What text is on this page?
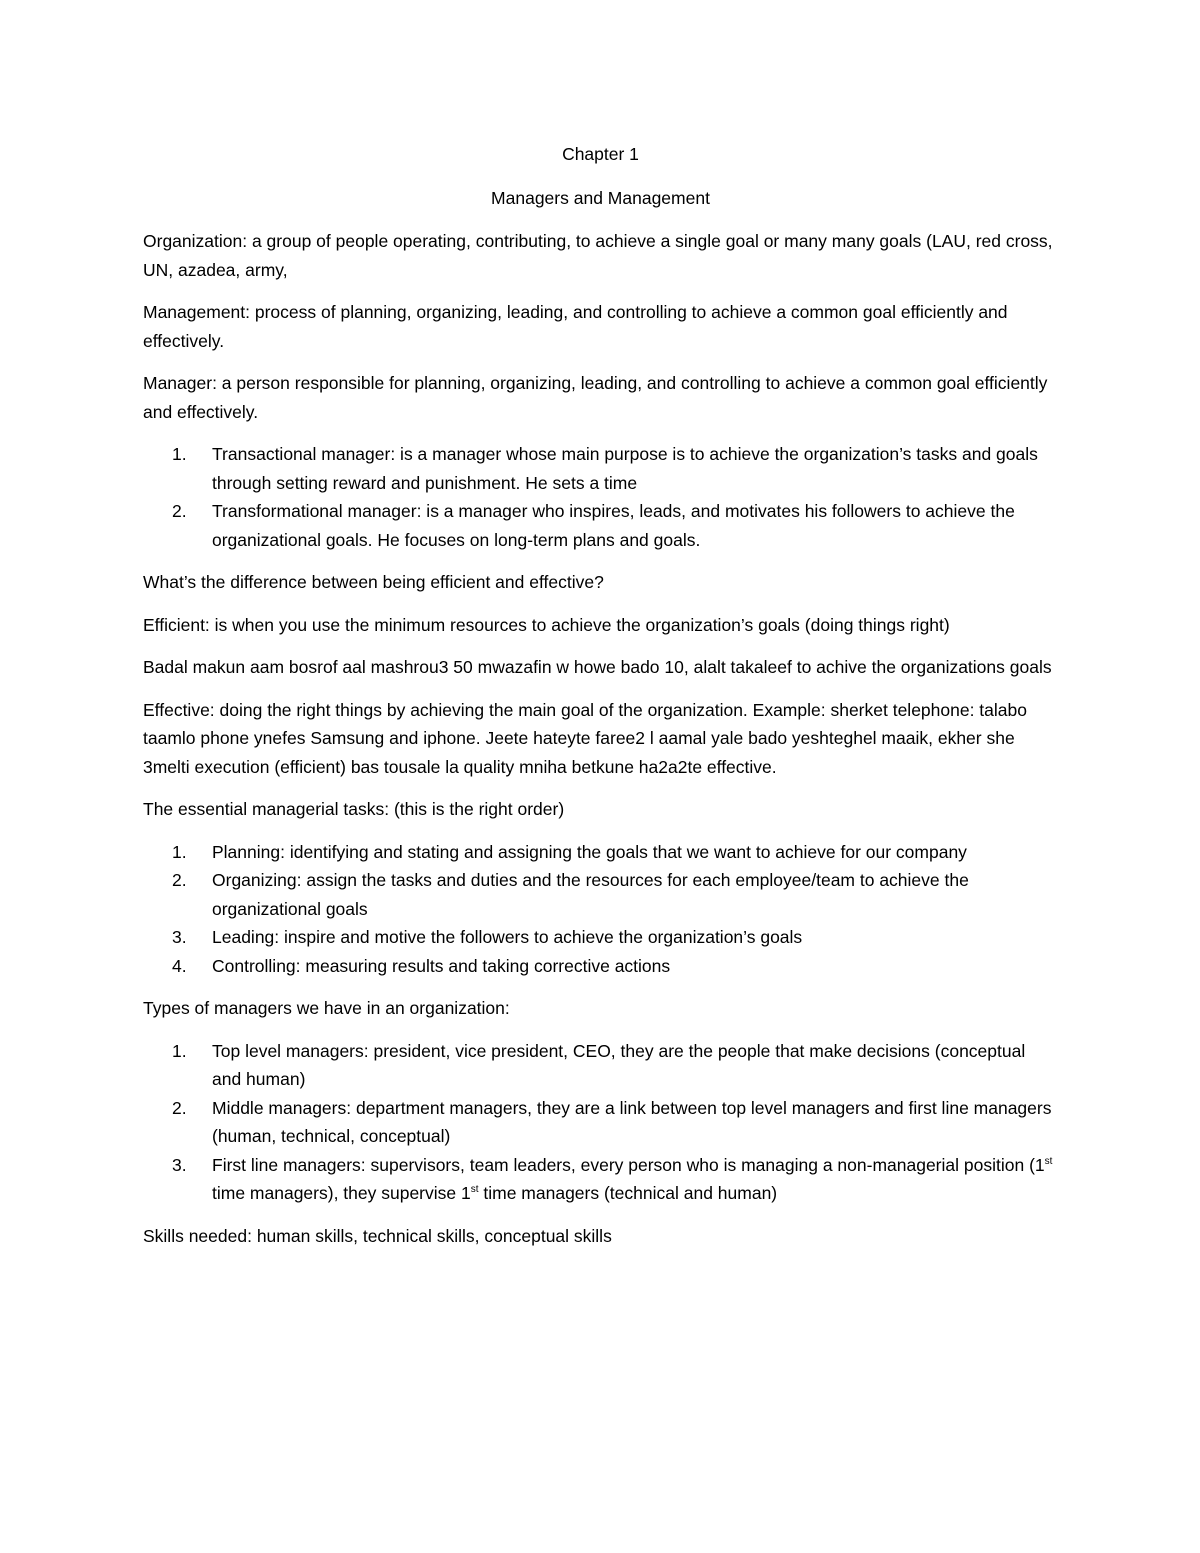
Chapter 1
Managers and Management

Organization: a group of people operating, contributing, to achieve a single goal or many many goals (LAU, red cross, UN, azadea, army,

Management: process of planning, organizing, leading, and controlling to achieve a common goal efficiently and effectively.

Manager: a person responsible for planning, organizing, leading, and controlling to achieve a common goal efficiently and effectively.

1. Transactional manager: is a manager whose main purpose is to achieve the organization’s tasks and goals through setting reward and punishment. He sets a time
2. Transformational manager: is a manager who inspires, leads, and motivates his followers to achieve the organizational goals. He focuses on long-term plans and goals.

What’s the difference between being efficient and effective?

Efficient: is when you use the minimum resources to achieve the organization’s goals (doing things right)

Badal makun aam bosrof aal mashrou3 50 mwazafin w howe bado 10, alalt takaleef to achive the organizations goals

Effective: doing the right things by achieving the main goal of the organization. Example: sherket telephone: talabo taamlo phone ynefes Samsung and iphone. Jeete hateyte faree2 l aamal yale bado yeshteghel maaik, ekher she 3melti execution (efficient) bas tousale la quality mniha betkune ha2a2te effective.

The essential managerial tasks: (this is the right order)

1. Planning: identifying and stating and assigning the goals that we want to achieve for our company
2. Organizing: assign the tasks and duties and the resources for each employee/team to achieve the organizational goals
3. Leading: inspire and motive the followers to achieve the organization’s goals
4. Controlling: measuring results and taking corrective actions

Types of managers we have in an organization:

1. Top level managers: president, vice president, CEO, they are the people that make decisions (conceptual and human)
2. Middle managers: department managers, they are a link between top level managers and first line managers (human, technical, conceptual)
3. First line managers: supervisors, team leaders, every person who is managing a non-managerial position (1st time managers), they supervise 1st time managers (technical and human)

Skills needed: human skills, technical skills, conceptual skills
